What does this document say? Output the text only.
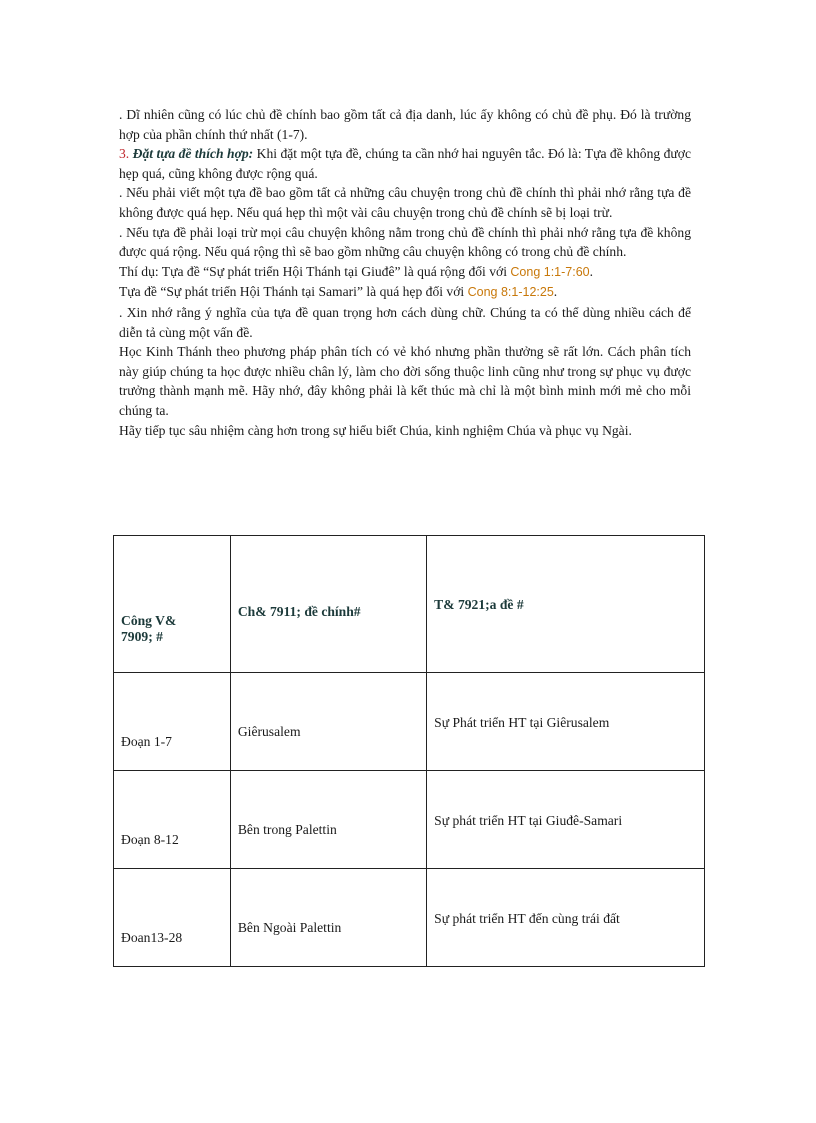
. Dĩ nhiên cũng có lúc chủ đề chính bao gồm tất cả địa danh, lúc ấy không có chủ đề phụ. Đó là trường hợp của phần chính thứ nhất (1-7).

3. Đặt tựa đề thích hợp: Khi đặt một tựa đề, chúng ta cần nhớ hai nguyên tắc. Đó là: Tựa đề không được hẹp quá, cũng không được rộng quá.

. Nếu phải viết một tựa đề bao gồm tất cả những câu chuyện trong chủ đề chính thì phải nhớ rằng tựa đề không được quá hẹp. Nếu quá hẹp thì một vài câu chuyện trong chủ đề chính sẽ bị loại trừ.

. Nếu tựa đề phải loại trừ mọi câu chuyện không nằm trong chủ đề chính thì phải nhớ rằng tựa đề không được quá rộng. Nếu quá rộng thì sẽ bao gồm những câu chuyện không có trong chủ đề chính.

Thí dụ: Tựa đề “Sự phát triển Hội Thánh tại Giuđê” là quá rộng đối với Cong 1:1-7:60.

Tựa đề “Sự phát triển Hội Thánh tại Samari” là quá hẹp đối với Cong 8:1-12:25.

. Xin nhớ rằng ý nghĩa của tựa đề quan trọng hơn cách dùng chữ. Chúng ta có thể dùng nhiều cách để diễn tả cùng một vấn đề.

Học Kinh Thánh theo phương pháp phân tích có vẻ khó nhưng phần thưởng sẽ rất lớn. Cách phân tích này giúp chúng ta học được nhiều chân lý, làm cho đời sống thuộc linh cũng như trong sự phục vụ được trưởng thành mạnh mẽ. Hãy nhớ, đây không phải là kết thúc mà chỉ là một bình minh mới mẻ cho mỗi chúng ta.

Hãy tiếp tục sâu nhiệm càng hơn trong sự hiểu biết Chúa, kinh nghiệm Chúa và phục vụ Ngài.

Công V& 7909; #	Ch& 7911; đề chính#	T& 7921;a đề #

Đoạn 1-7	Giêrusalem	Sự Phát triển HT tại Giêrusalem

Đoạn 8-12	Bên trong Palettin	Sự phát triển HT tại Giuđê-Samari

Đoan13-28	Bên Ngoài Palettin	Sự phát triển HT đến cùng trái đất
